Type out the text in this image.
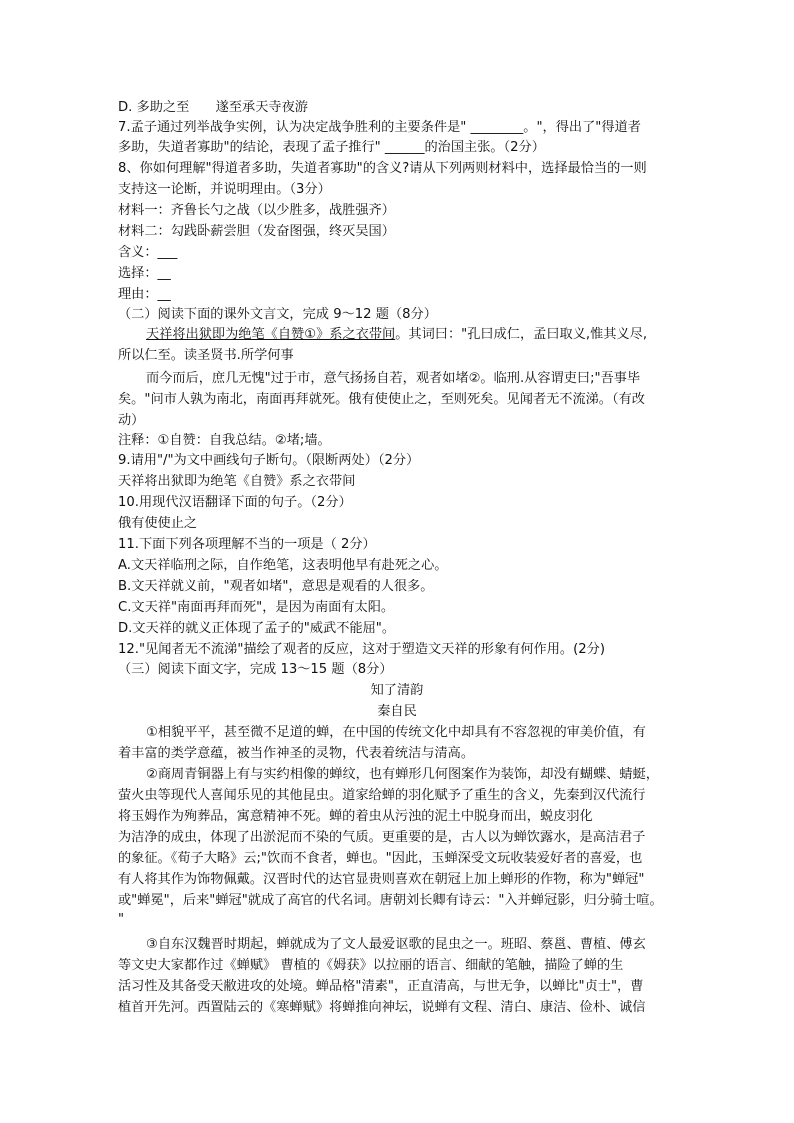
D. 多助之至　　遂至承天寺夜游
7.孟子通过列举战争实例，认为决定战争胜利的主要条件是" ________。"，得出了"得道者
多助，失道者寡助"的结论，表现了孟子推行" ______的治国主张。（2分）
8、你如何理解"得道者多助，失道者寡助"的含义?请从下列两则材料中，选择最恰当的一则
支持这一论断，并说明理由。（3分）
材料一：齐鲁长勺之战（以少胜多，战胜强齐）
材料二：勾践卧薪尝胆（发奋图强，终灭吴国）
含义：___
选择：__
理由：__
（二）阅读下面的课外文言文，完成 9～12 题（8分）
天祥将出狱即为绝笔《自赞①》系之衣带间。其词曰："孔曰成仁，孟曰取义,惟其义尽,
所以仁至。读圣贤书.所学何事
而今而后，庶几无愧"过于市，意气扬扬自若，观者如堵②。临刑.从容谓吏曰;"吾事毕
矣。"问市人孰为南北，南面再拜就死。俄有使使止之，至则死矣。见闻者无不流涕。（有改
动）
注释：①自赞：自我总结。②堵;墙。
9.请用"/"为文中画线句子断句。（限断两处）（2分）
天祥将出狱即为绝笔《自赞》系之衣带间
10.用现代汉语翻译下面的句子。（2分）
俄有使使止之
11.下面下列各项理解不当的一项是（ 2分）
A.文天祥临刑之际，自作绝笔，这表明他早有赴死之心。
B.文天祥就义前，"观者如堵"，意思是观看的人很多。
C.文天祥"南面再拜而死"，是因为南面有太阳。
D.文天祥的就义正体现了孟子的"威武不能屈"。
12."见闻者无不流涕"描绘了观者的反应，这对于塑造文天祥的形象有何作用。(2分)
（三）阅读下面文字，完成 13～15 题（8分）
知了清韵
秦自民
①相貌平平，甚至微不足道的蝉，在中国的传统文化中却具有不容忽视的审美价值，有
着丰富的类学意蕴，被当作神圣的灵物，代表着统洁与清高。
②商周青铜器上有与实约相像的蝉纹，也有蝉形几何图案作为装饰，却没有蝴蝶、蜻蜓，
萤火虫等现代人喜闻乐见的其他昆虫。道家给蝉的羽化赋予了重生的含义，先秦到汉代流行
将玉姆作为殉葬品，寓意精神不死。蝉的着虫从污浊的泥土中脱身而出，蜕皮羽化
为洁净的成虫，体现了出淤泥而不染的气质。更重要的是，古人以为蝉饮露水，是高洁君子
的象征。《荀子大略》云;"饮而不食者，蝉也。"因此，玉蝉深受文玩收装爱好者的喜爱，也
有人将其作为饰物佩戴。汉晋时代的达官显贵则喜欢在朝冠上加上蝉形的作物，称为"蝉冠"
或"蝉冕"，后来"蝉冠"就成了高官的代名词。唐朝刘长卿有诗云："入并蝉冠影，归分骑士喧。
"
③自东汉魏晋时期起，蝉就成为了文人最爱讴歌的昆虫之一。班昭、蔡邕、曹植、傅玄
等文史大家都作过《蝉赋》 曹植的《姆获》以拉丽的语言、细献的笔触，描险了蝉的生
活习性及其备受天敝进攻的处境。蝉品格"清素"，正直清高，与世无争，以蝉比"贞士"，曹
植首开先河。西置陆云的《寒蝉赋》将蝉推向神坛，说蝉有文程、清白、康洁、俭朴、诚信
